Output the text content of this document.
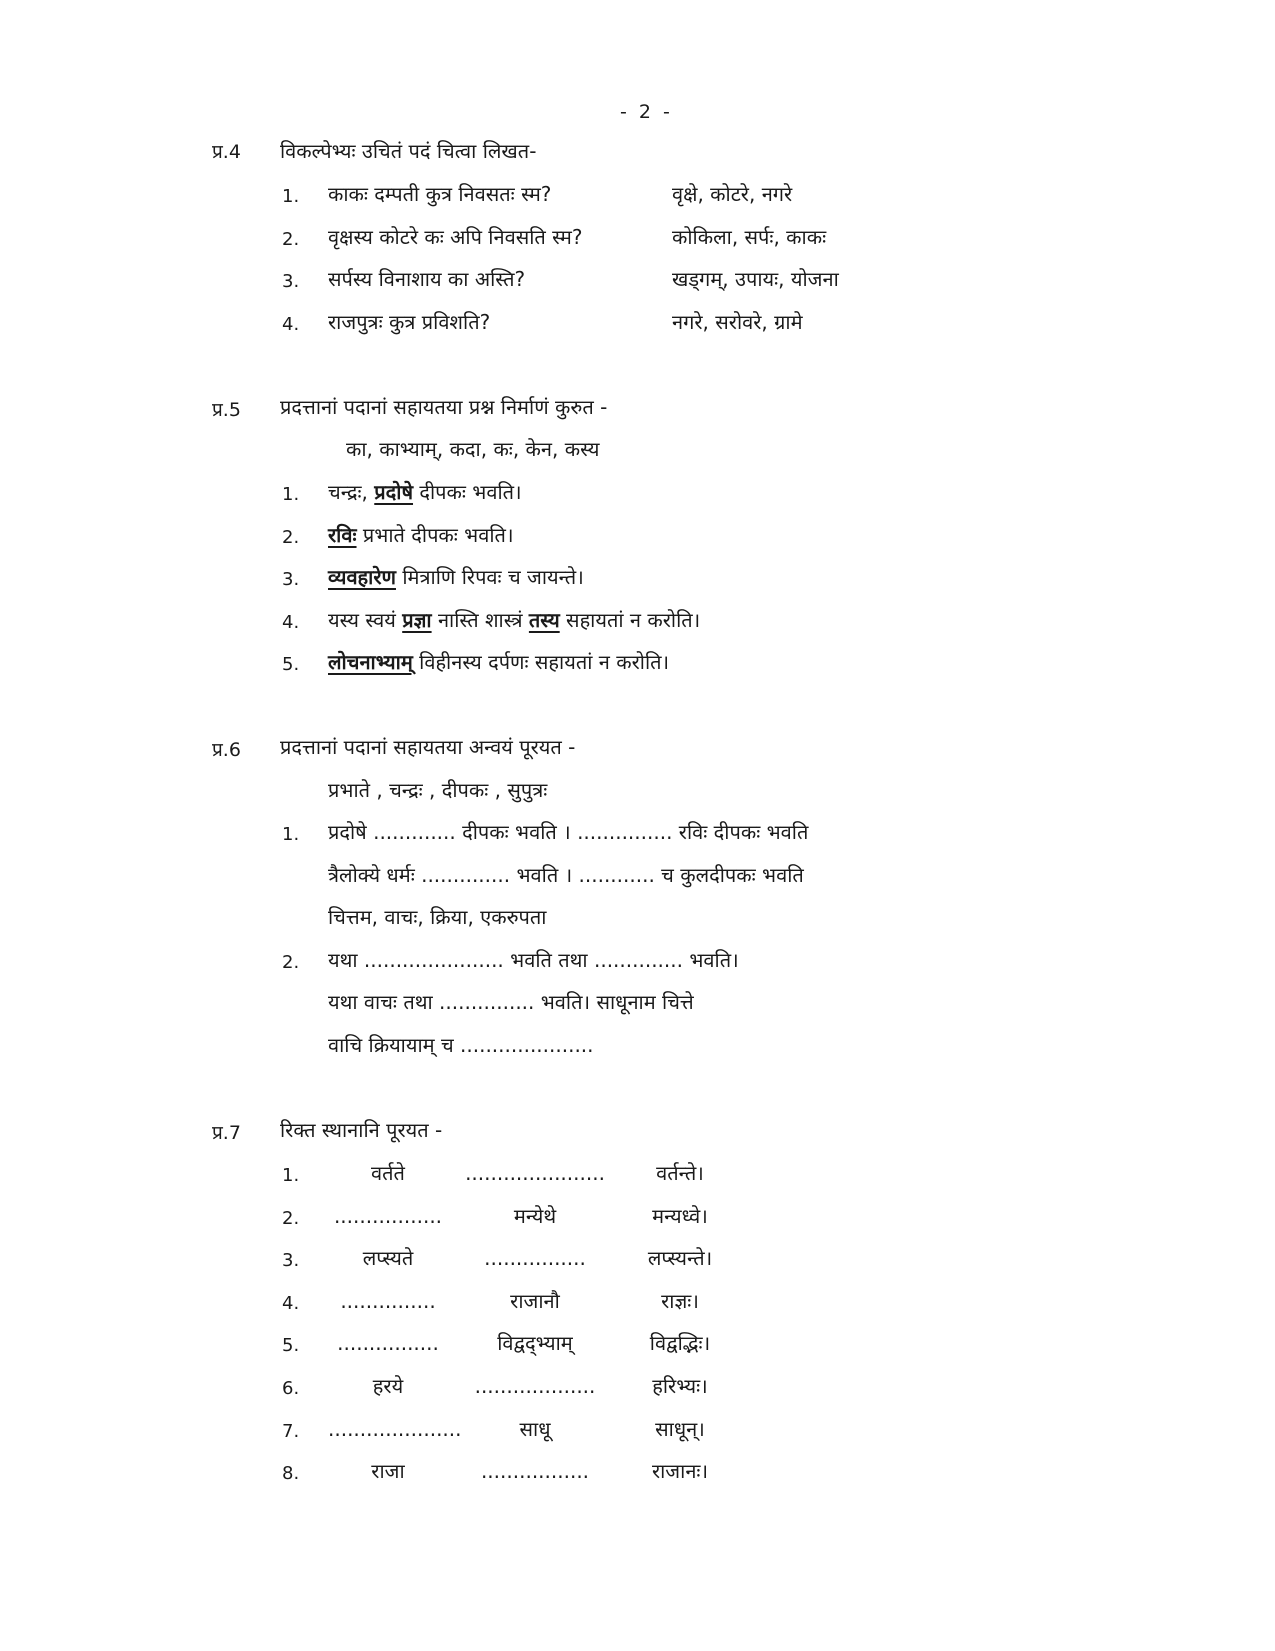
- 2 -
प्र.4 विकल्पेभ्यः उचितं पदं चित्वा लिखत-
1. काकः दम्पती कुत्र निवसतः स्म?	वृक्षे, कोटरे, नगरे
2. वृक्षस्य कोटरे कः अपि निवसति स्म?	कोकिला, सर्पः, काकः
3. सर्पस्य विनाशाय का अस्ति?	खड्गम्, उपायः, योजना
4. राजपुत्रः कुत्र प्रविशति?	नगरे, सरोवरे, ग्रामे
प्र.5 प्रदत्तानां पदानां सहायतया प्रश्न निर्माणं कुरुत -
का, काभ्याम्, कदा, कः, केन, कस्य
1. चन्द्रः, प्रदोषे दीपकः भवति।
2. रविः प्रभाते दीपकः भवति।
3. व्यवहारेण मित्राणि रिपवः च जायन्ते।
4. यस्य स्वयं प्रज्ञा नास्ति शास्त्रं तस्य सहायतां न करोति।
5. लोचनाभ्याम् विहीनस्य दर्पणः सहायतां न करोति।
प्र.6 प्रदत्तानां पदानां सहायतया अन्वयं पूरयत -
प्रभाते , चन्द्रः , दीपकः , सुपुत्रः
1. प्रदोषे ............. दीपकः भवति । ............... रविः दीपकः भवति
त्रैलोक्ये धर्मः .............. भवति । ............ च कुलदीपकः भवति
चित्तम, वाचः, क्रिया, एकरुपता
2. यथा ...................... भवति तथा .............. भवति।
यथा वाचः तथा ............... भवति। साधूनाम चित्ते
वाचि क्रियायाम् च .....................
प्र.7 रिक्त स्थानानि पूरयत -
1.	वर्तते	......................	वर्तन्ते।
2. .................	मन्येथे	मन्यध्वे।
3.	लप्स्यते	................	लप्स्यन्ते।
4.	...............	राजानौ	राज्ञः।
5.	................	विद्वद्भ्याम्	विद्वद्भिः।
6.	हरये	...................	हरिभ्यः।
7. .....................	साधू	साधून्।
8.	राजा	.................	राजानः।
